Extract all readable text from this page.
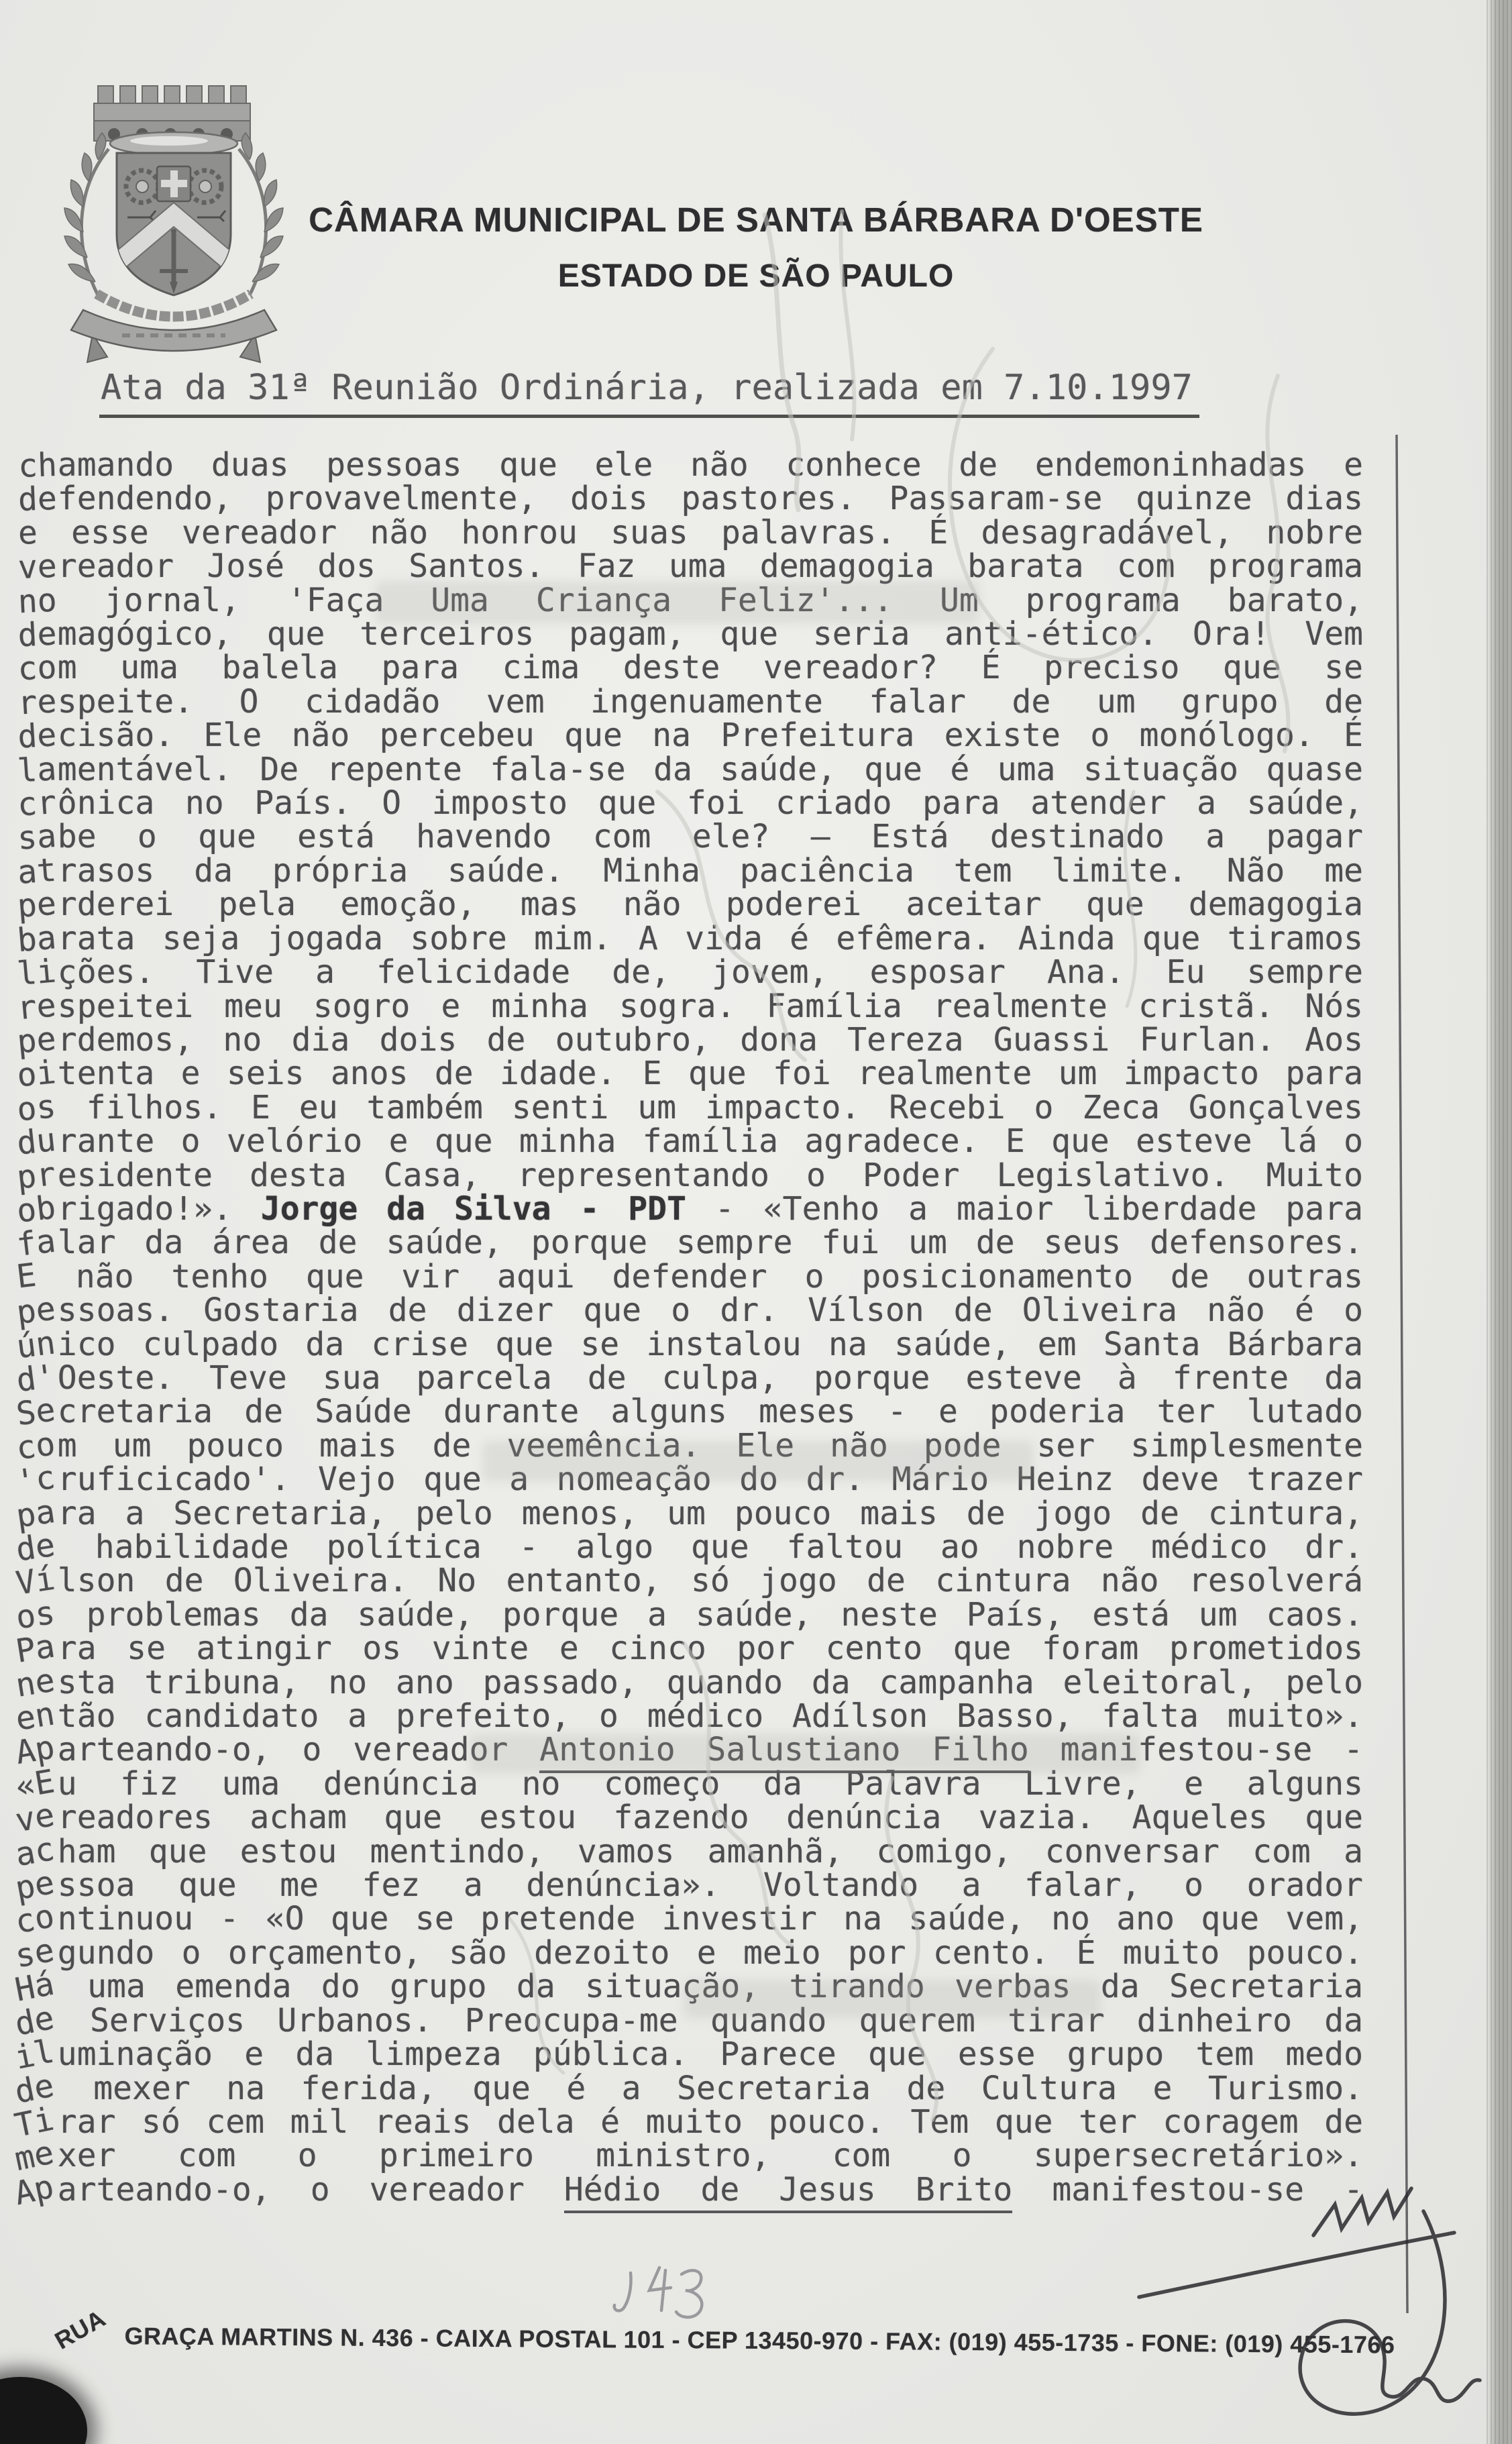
CÂMARA MUNICIPAL DE SANTA BÁRBARA D'OESTE
ESTADO DE SÃO PAULO
Ata da 31ª Reunião Ordinária, realizada em 7.10.1997
chamando duas pessoas que ele não conhece de endemoninhadas e
defendendo, provavelmente, dois pastores. Passaram-se quinze dias
e esse vereador não honrou suas palavras. É desagradável, nobre
vereador José dos Santos. Faz uma demagogia barata com programa
no jornal, 'Faça Uma Criança Feliz'... Um programa barato,
demagógico, que terceiros pagam, que seria anti-ético. Ora! Vem
com uma balela para cima deste vereador? É preciso que se
respeite. O cidadão vem ingenuamente falar de um grupo de
decisão. Ele não percebeu que na Prefeitura existe o monólogo. É
lamentável. De repente fala-se da saúde, que é uma situação quase
crônica no País. O imposto que foi criado para atender a saúde,
sabe o que está havendo com ele? — Está destinado a pagar
atrasos da própria saúde. Minha paciência tem limite. Não me
perderei pela emoção, mas não poderei aceitar que demagogia
barata seja jogada sobre mim. A vida é efêmera. Ainda que tiramos
lições. Tive a felicidade de, jovem, esposar Ana. Eu sempre
respeitei meu sogro e minha sogra. Família realmente cristã. Nós
perdemos, no dia dois de outubro, dona Tereza Guassi Furlan. Aos
oitenta e seis anos de idade. E que foi realmente um impacto para
os filhos. E eu também senti um impacto. Recebi o Zeca Gonçalves
durante o velório e que minha família agradece. E que esteve lá o
presidente desta Casa, representando o Poder Legislativo. Muito
obrigado!». Jorge da Silva - PDT - «Tenho a maior liberdade para
falar da área de saúde, porque sempre fui um de seus defensores.
E não tenho que vir aqui defender o posicionamento de outras
pessoas. Gostaria de dizer que o dr. Vílson de Oliveira não é o
único culpado da crise que se instalou na saúde, em Santa Bárbara
d'Oeste. Teve sua parcela de culpa, porque esteve à frente da
Secretaria de Saúde durante alguns meses - e poderia ter lutado
com um pouco mais de veemência. Ele não pode ser simplesmente
'cruficicado'. Vejo que a nomeação do dr. Mário Heinz deve trazer
para a Secretaria, pelo menos, um pouco mais de jogo de cintura,
de habilidade política - algo que faltou ao nobre médico dr.
Vílson de Oliveira. No entanto, só jogo de cintura não resolverá
os problemas da saúde, porque a saúde, neste País, está um caos.
Para se atingir os vinte e cinco por cento que foram prometidos
nesta tribuna, no ano passado, quando da campanha eleitoral, pelo
então candidato a prefeito, o médico Adílson Basso, falta muito».
Aparteando-o, o vereador Antonio Salustiano Filho manifestou-se -
«Eu fiz uma denúncia no começo da Palavra Livre, e alguns
vereadores acham que estou fazendo denúncia vazia. Aqueles que
acham que estou mentindo, vamos amanhã, comigo, conversar com a
pessoa que me fez a denúncia». Voltando a falar, o orador
continuou - «O que se pretende investir na saúde, no ano que vem,
segundo o orçamento, são dezoito e meio por cento. É muito pouco.
Há uma emenda do grupo da situação, tirando verbas da Secretaria
de Serviços Urbanos. Preocupa-me quando querem tirar dinheiro da
iluminação e da limpeza pública. Parece que esse grupo tem medo
de mexer na ferida, que é a Secretaria de Cultura e Turismo.
Tirar só cem mil reais dela é muito pouco. Tem que ter coragem de
mexer com o primeiro ministro, com o supersecretário».
Aparteando-o, o vereador Hédio de Jesus Brito manifestou-se -
RUA GRAÇA MARTINS N. 436 - CAIXA POSTAL 101 - CEP 13450-970 - FAX: (019) 455-1735 - FONE: (019) 455-1766
